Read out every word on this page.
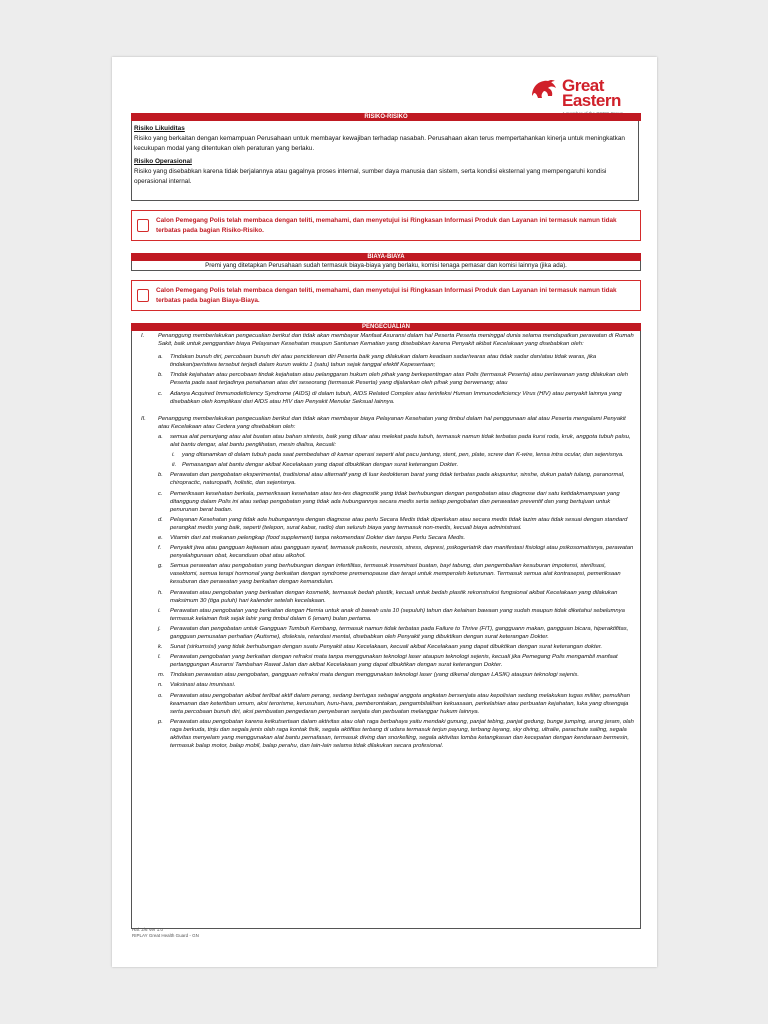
Great
Eastern
RISIKO-RISIKO

Risiko Likuiditas

Risiko yang berkaitan dengan kemampuan Perusahaan untuk membayar kewajiban terhadap nasabah. Perusahaan akan terus mempertahankan kinerja untuk meningkatkan kecukupan modal yang ditentukan oleh peraturan yang berlaku.

Risiko Operasional

Risiko yang disebabkan karena tidak berjalannya atau gagalnya proses internal, sumber daya manusia dan sistem, serta kondisi eksternal yang mempengaruhi kondisi operasional internal.

Calon Pemegang Polis telah membaca dengan teliti, memahami, dan menyetujui isi Ringkasan Informasi Produk dan Layanan ini termasuk namun tidak terbatas pada bagian Risiko-Risiko.
BIAYA-BIAYA
Premi yang ditetapkan Perusahaan sudah termasuk biaya-biaya yang berlaku, komisi tenaga pemasar dan komisi lainnya (jika ada).
Calon Pemegang Polis telah membaca dengan teliti, memahami, dan menyetujui isi Ringkasan Informasi Produk dan Layanan ini termasuk namun tidak terbatas pada bagian Biaya-Biaya.
PENGECUALIAN
I. Penanggung memberlakukan pengecualian berikut dan tidak akan membayar Manfaat Asuransi dalam hal Peserta Peserta meninggal dunia selama mendapatkan perawatan di Rumah Sakit, baik untuk penggantian biaya Pelayanan Kesehatan maupun Santunan Kematian yang disebabkan karena Penyakit akibat Kecelakaan yang disebabkan oleh:
a. Tindakan bunuh diri, percobaan bunuh diri atau penciderean diri Peserta baik yang dilakukan dalam keadaan sadar/waras atau tidak sadar dan/atau tidak waras, jika tindakan/peristiwa tersebut terjadi dalam kurun waktu 1 (satu) tahun sejak tanggal efektif Kepesertaan;
b. Tindak kejahatan atau percobaan tindak kejahatan atau pelanggaran hukum oleh pihak yang berkepentingan atas Polis (termasuk Peserta) atau perlawanan yang dilakukan oleh Peserta pada saat terjadinya penahanan atas diri seseorang (termasuk Peserta) yang dijalankan oleh pihak yang berwenang; atau
c. Adanya Acquired Immunodeficiency Syndrome (AIDS) di dalam tubuh, AIDS Related Complex atau terinfeksi Human Immunodeficiency Virus (HIV) atau penyakit lainnya yang disebabkan oleh komplikasi dari AIDS atau HIV dan Penyakit Menular Seksual lainnya.
II. Penanggung memberlakukan pengecualian berikut dan tidak akan membayar biaya Pelayanan Kesehatan yang timbul dalam hal penggunaan alat atau Peserta mengalami Penyakit atau Kecelakaan atau Cedera yang disebabkan oleh:
a. semua alat penunjang atau alat buatan atau bahan sintesis, baik yang diluar atau melekat pada tubuh, termasuk namun tidak terbatas pada kursi roda, kruk, anggota tubuh palsu, alat bantu dengar, alat bantu penglihatan, mesin dialisa, kecuali:
i. yang ditanamkan di dalam tubuh pada saat pembedahan di kamar operasi seperti alat pacu jantung, stent, pen, plate, screw dan K-wire, lensa intra ocular, dan sejenisnya.
ii. Pemasangan alat bantu dengar akibat Kecelakaan yang dapat dibuktikan dengan surat keterangan Dokter.
b. Perawatan dan pengobatan eksperimental, tradisional atau alternatif yang di luar kedokteran barat yang tidak terbatas pada akupuntur, sinshe, dukun patah tulang, paranormal, chiropractic, naturopath, holistic, dan sejenisnya.
c. Pemeriksaan kesehatan berkala, pemeriksaan kesehatan atau tes-tes diagnostik yang tidak berhubungan dengan pengobatan atau diagnose dari satu ketidakmampuan yang ditanggung dalam Polis ini atau setiap pengobatan yang tidak ada hubungannya secara medis serta setiap pengobatan dan perawatan preventif dan yang bertujuan untuk penurunan berat badan.
d. Pelayanan Kesehatan yang tidak ada hubungannya dengan diagnose atau perlu Secara Medis tidak diperlukan atau secara medis tidak lazim atau tidak sesuai dengan standard perangkat medis yang baik, seperti (telepon, surat kabar, radio) dan seluruh biaya yang termasuk non-medis, kecuali biaya administrasi.
e. Vitamin dari zat makanan pelengkap (food supplement) tanpa rekomendasi Dokter dan tanpa Perlu Secara Medis.
f. Penyakit jiwa atau gangguan kejiwaan atau gangguan syaraf, termasuk psikosis, neurosis, stress, depresi, psikogeriatrik dan manifestasi fisiologi atau psikosomatisnya, perawatan penyalahgunaan obat, kecanduan obat atau alkohol.
g. Semua perawatan atau pengobatan yang berhubungan dengan infertilitas, termasuk inseminasi buatan, bayi tabung, dan pengembalian kesuburan impotensi, sterilisasi, vasektomi, semua terapi hormonal yang berkaitan dengan syndrome premenopause dan terapi untuk memperoleh keturunan. Termasuk semua alat kontrasepsi, pemeriksaan kesuburan dan perawatan yang berkaitan dengan kemandulan.
h. Perawatan atau pengobatan yang berkaitan dengan kosmetik, termasuk bedah plastik, kecuali untuk bedah plastik rekonstruksi fungsional akibat Kecelakaan yang dilakukan maksimum 30 (tiga puluh) hari kalender setelah kecelakaan.
i. Perawatan atau pengobatan yang berkaitan dengan Hernia untuk anak di bawah usia 10 (sepuluh) tahun dan kelainan bawaan yang sudah maupun tidak diketahui sebelumnya termasuk kelainan fisik sejak lahir yang timbul dalam 6 (enam) bulan pertama.
j. Perawatan dan pengobatan untuk Gangguan Tumbuh Kembang, termasuk namun tidak terbatas pada Failure to Thrive (FIT), gangguann makan, gangguan bicara, hiperaktifitas, gangguan pemusatan perhatian (Autisme), disleksia, retardasi mental, disebabkan oleh Penyakit yang dibuktikan dengan surat keterangan Dokter.
k. Sunat (sirkumsisi) yang tidak berhubungan dengan suatu Penyakit atau Kecelakaan, kecuali akibat Kecelakaan yang dapat dibuktikan dengan surat keterangan dokter.
l. Perawatan pengobatan yang berkaitan dengan refraksi mata tanpa menggunakan teknologi laser ataupun teknologi sejenis, kecuali jika Pemegang Polis mengambil manfaat pertanggungan Asuransi Tambahan Rawat Jalan dan akibat Kecelakaan yang dapat dibuktikan dengan surat keterangan Dokter.
m. Tindakan perawatan atau pengobatan, gangguan refraksi mata dengan menggunakan teknologi laser (yang dikenal dengan LASIK) ataupun teknologi sejenis.
n. Vaksinasi atau imunisasi.
o. Perawatan atau pengobatan akibat terlibat aktif dalam perang, sedang bertugas sebagai anggota angkatan bersenjata atau kepolisian sedang melakukan tugas militer, pemulihan keamanan dan ketertiban umum, aksi terorisme, kerusuhan, huru-hara, pemberontakan, pengambilalihan kekuasaan, perkelahian atau perbuatan kejahatan, luka yang disengaja serta percobaan bunuh diri, aksi pembuatan pengedaran penyebaran senjata dan perbuatan melanggar hukum lainnya.
p. Perawatan atau pengobatan karena keikutsertaan dalam aktivitas atau olah raga berbahaya yaitu mendaki gunung, panjat tebing, panjat gedung, bunge jumping, arung jeram, olah raga berkuda, tinju dan segala jenis olah raga kontak fisik, segala aktifitas terbang di udara termasuk terjun payung, terbang layang, sky diving, ultralie, parachute sailing, segala aktivitas menyelam yang menggunakan alat bantu pernafasan, termasuk diving dan snorkelling, segala aktivitas lomba ketangkasan dan kecepatan dengan kendaraan bermesin, termasuk balap motor, balap mobil, balap perahu, dan lain-lain selama tidak dilakukan secara profesional.
Hal. 2/6 Ver 1.0
RIPLAY Great Health Guard - GN
